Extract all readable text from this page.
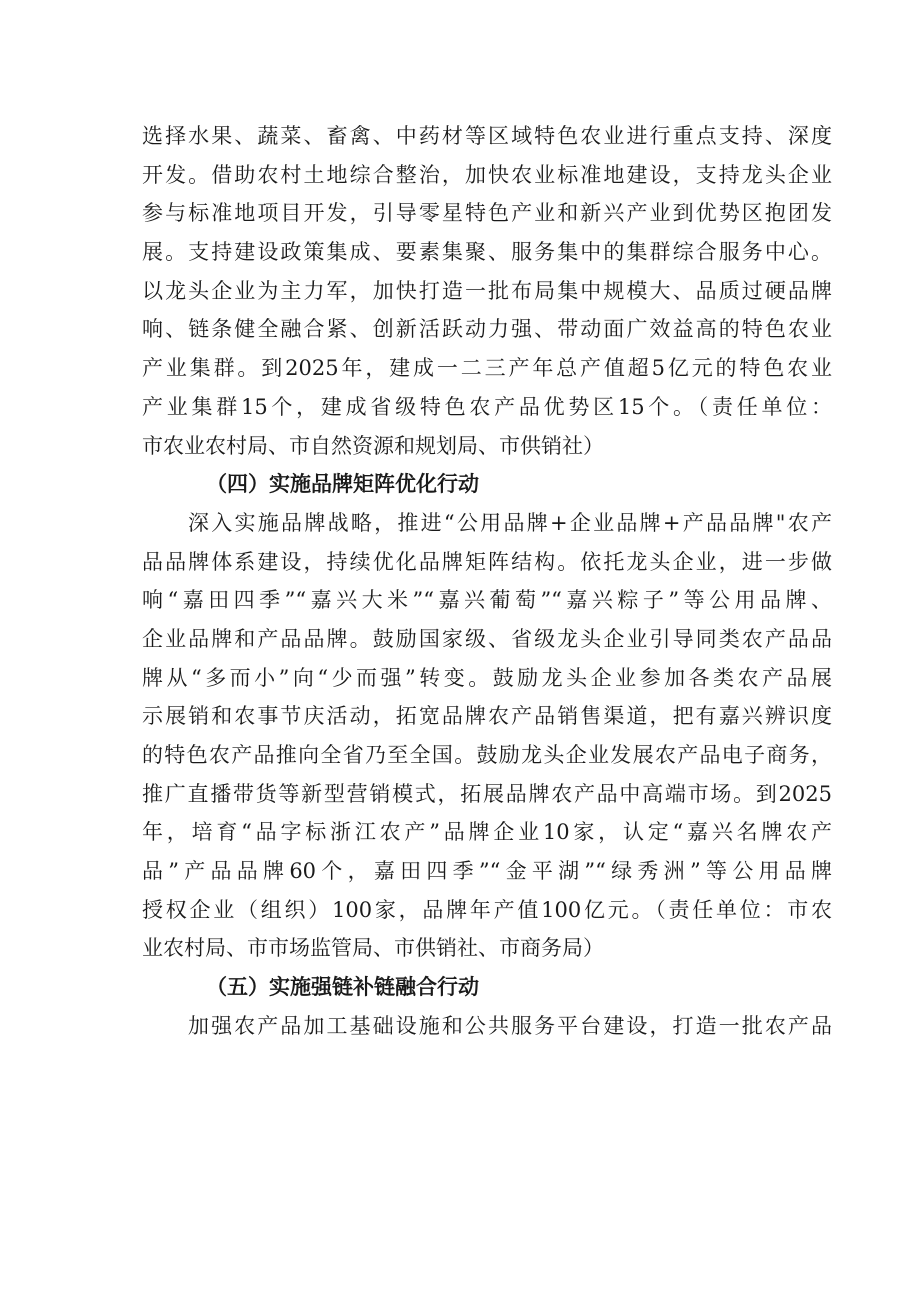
选择水果、蔬菜、畜禽、中药材等区域特色农业进行重点支持、深度
开发。借助农村土地综合整治，加快农业标准地建设，支持龙头企业
参与标准地项目开发，引导零星特色产业和新兴产业到优势区抱团发
展。支持建设政策集成、要素集聚、服务集中的集群综合服务中心。
以龙头企业为主力军，加快打造一批布局集中规模大、品质过硬品牌
响、链条健全融合紧、创新活跃动力强、带动面广效益高的特色农业
产业集群。到2025年，建成一二三产年总产值超5亿元的特色农业
产业集群15个，建成省级特色农产品优势区15个。（责任单位：
市农业农村局、市自然资源和规划局、市供销社）
（四）实施品牌矩阵优化行动
深入实施品牌战略，推进“公用品牌+企业品牌+产品品牌"农产
品品牌体系建设，持续优化品牌矩阵结构。依托龙头企业，进一步做
响“嘉田四季”“嘉兴大米”“嘉兴葡萄”“嘉兴粽子”等公用品牌、
企业品牌和产品品牌。鼓励国家级、省级龙头企业引导同类农产品品
牌从“多而小”向“少而强”转变。鼓励龙头企业参加各类农产品展
示展销和农事节庆活动，拓宽品牌农产品销售渠道，把有嘉兴辨识度
的特色农产品推向全省乃至全国。鼓励龙头企业发展农产品电子商务，
推广直播带货等新型营销模式，拓展品牌农产品中高端市场。到2025
年，培育“品字标浙江农产”品牌企业10家，认定“嘉兴名牌农产
品”产品品牌60个，嘉田四季”“金平湖”“绿秀洲”等公用品牌
授权企业（组织）100家，品牌年产值100亿元。（责任单位：市农
业农村局、市市场监管局、市供销社、市商务局）
（五）实施强链补链融合行动
加强农产品加工基础设施和公共服务平台建设，打造一批农产品
